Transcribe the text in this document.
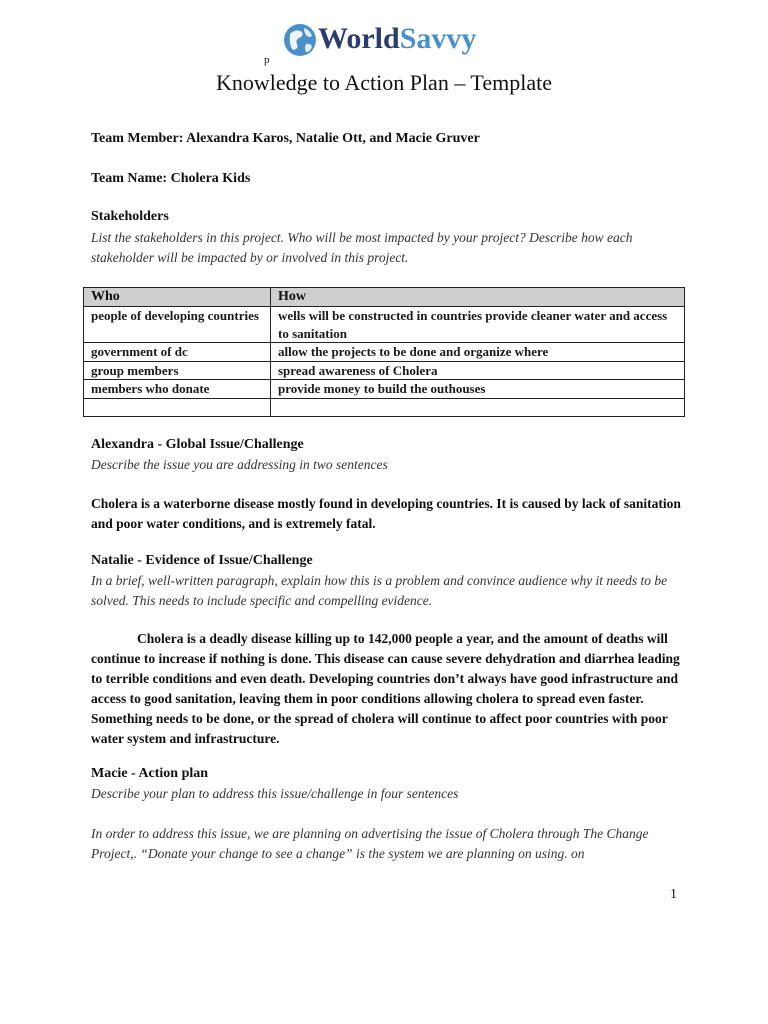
WorldSavvy
p
Knowledge to Action Plan – Template
Team Member: Alexandra Karos, Natalie Ott, and Macie Gruver
Team Name: Cholera Kids
Stakeholders
List the stakeholders in this project. Who will be most impacted by your project? Describe how each stakeholder will be impacted by or involved in this project.
Who	How
people of developing countries	wells will be constructed in countries provide cleaner water and access to sanitation
government of dc	allow the projects to be done and organize where
group members	spread awareness of Cholera
members who donate	provide money to build the outhouses

Alexandra - Global Issue/Challenge
Describe the issue you are addressing in two sentences
Cholera is a waterborne disease mostly found in developing countries. It is caused by lack of sanitation and poor water conditions, and is extremely fatal.
Natalie - Evidence of Issue/Challenge
In a brief, well-written paragraph, explain how this is a problem and convince audience why it needs to be solved. This needs to include specific and compelling evidence.
Cholera is a deadly disease killing up to 142,000 people a year, and the amount of deaths will continue to increase if nothing is done. This disease can cause severe dehydration and diarrhea leading to terrible conditions and even death. Developing countries don’t always have good infrastructure and access to good sanitation, leaving them in poor conditions allowing cholera to spread even faster. Something needs to be done, or the spread of cholera will continue to affect poor countries with poor water system and infrastructure.
Macie - Action plan
Describe your plan to address this issue/challenge in four sentences
In order to address this issue, we are planning on advertising the issue of Cholera through The Change Project,. “Donate your change to see a change” is the system we are planning on using. on
1
